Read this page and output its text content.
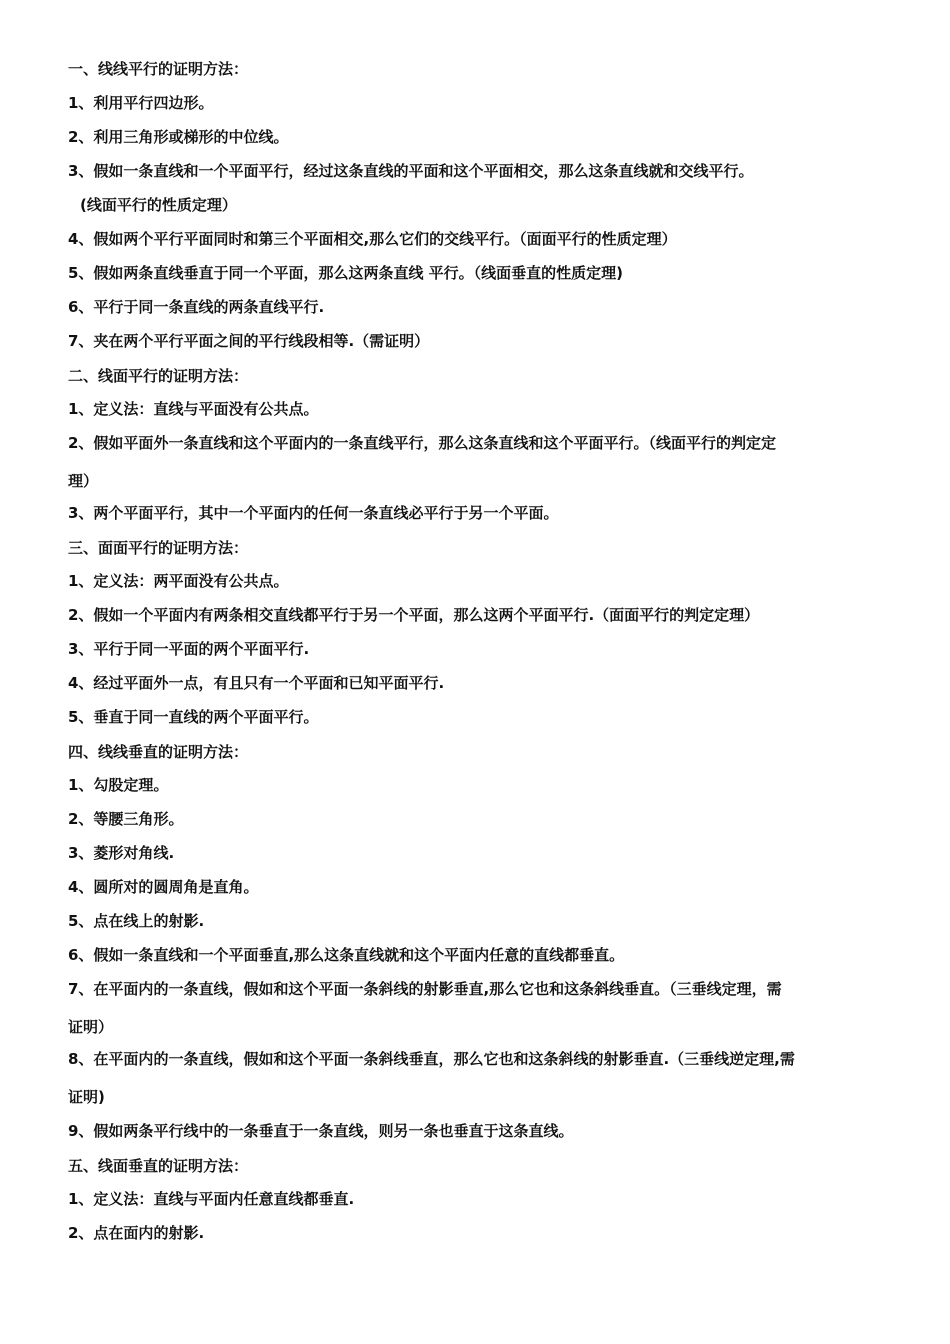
一、线线平行的证明方法：
1、利用平行四边形。
2、利用三角形或梯形的中位线。
3、假如一条直线和一个平面平行，经过这条直线的平面和这个平面相交，那么这条直线就和交线平行。
(线面平行的性质定理）
4、假如两个平行平面同时和第三个平面相交,那么它们的交线平行。（面面平行的性质定理）
5、假如两条直线垂直于同一个平面，那么这两条直线 平行。（线面垂直的性质定理)
6、平行于同一条直线的两条直线平行.
7、夹在两个平行平面之间的平行线段相等.（需证明）
二、线面平行的证明方法：
1、定义法：直线与平面没有公共点。
2、假如平面外一条直线和这个平面内的一条直线平行，那么这条直线和这个平面平行。（线面平行的判定定
理）
3、两个平面平行，其中一个平面内的任何一条直线必平行于另一个平面。
三、面面平行的证明方法：
1、定义法：两平面没有公共点。
2、假如一个平面内有两条相交直线都平行于另一个平面，那么这两个平面平行.（面面平行的判定定理）
3、平行于同一平面的两个平面平行.
4、经过平面外一点，有且只有一个平面和已知平面平行.
5、垂直于同一直线的两个平面平行。
四、线线垂直的证明方法：
1、勾股定理。
2、等腰三角形。
3、菱形对角线.
4、圆所对的圆周角是直角。
5、点在线上的射影.
6、假如一条直线和一个平面垂直,那么这条直线就和这个平面内任意的直线都垂直。
7、在平面内的一条直线，假如和这个平面一条斜线的射影垂直,那么它也和这条斜线垂直。（三垂线定理，需
证明）
8、在平面内的一条直线，假如和这个平面一条斜线垂直，那么它也和这条斜线的射影垂直.（三垂线逆定理,需
证明)
9、假如两条平行线中的一条垂直于一条直线，则另一条也垂直于这条直线。
五、线面垂直的证明方法：
1、定义法：直线与平面内任意直线都垂直.
2、点在面内的射影.
